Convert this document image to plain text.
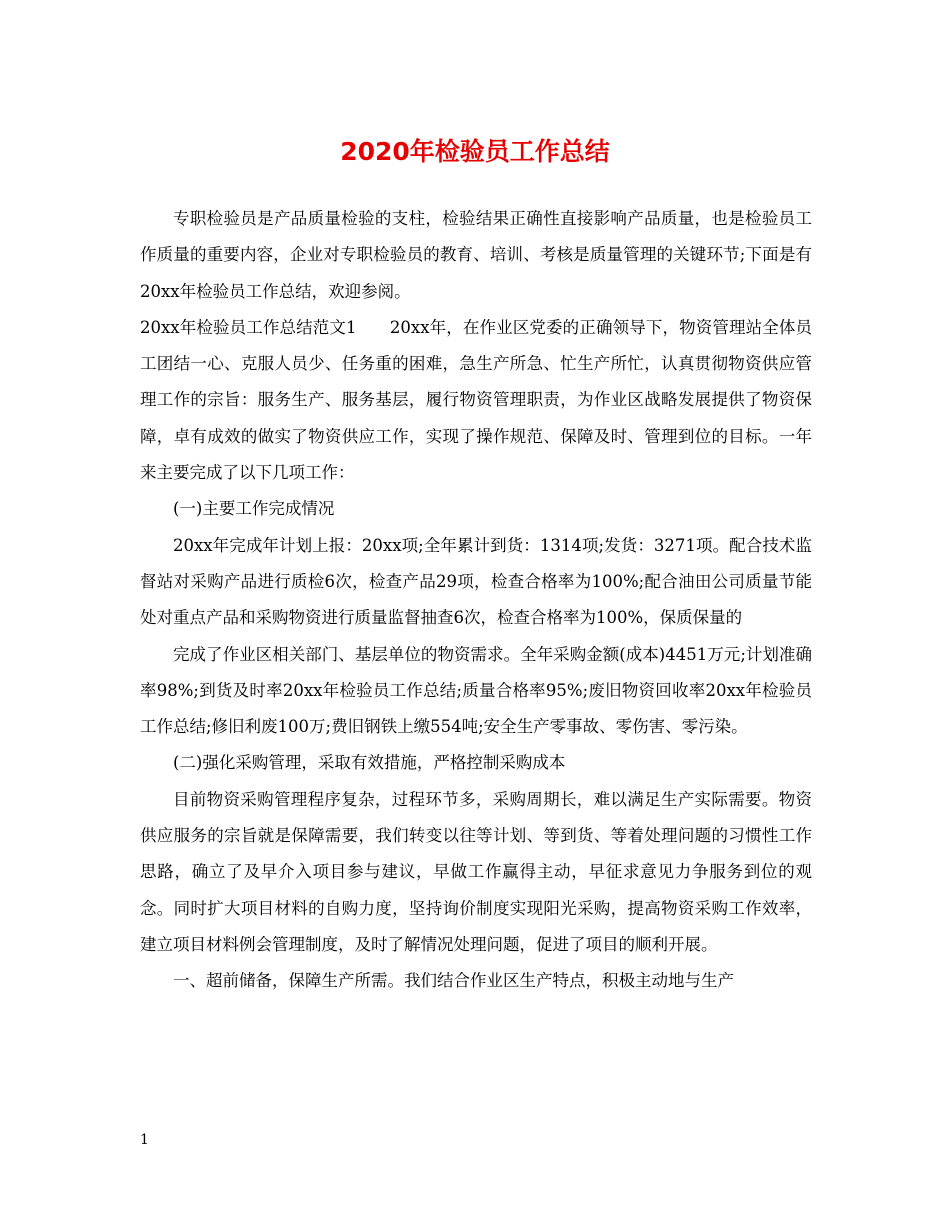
2020年检验员工作总结

专职检验员是产品质量检验的支柱，检验结果正确性直接影响产品质量，也是检验员工作质量的重要内容，企业对专职检验员的教育、培训、考核是质量管理的关键环节;下面是有20xx年检验员工作总结，欢迎参阅。

20xx年检验员工作总结范文1　　20xx年，在作业区党委的正确领导下，物资管理站全体员工团结一心、克服人员少、任务重的困难，急生产所急、忙生产所忙，认真贯彻物资供应管理工作的宗旨：服务生产、服务基层，履行物资管理职责，为作业区战略发展提供了物资保障，卓有成效的做实了物资供应工作，实现了操作规范、保障及时、管理到位的目标。一年来主要完成了以下几项工作：

(一)主要工作完成情况

20xx年完成年计划上报：20xx项;全年累计到货：1314项;发货：3271项。配合技术监督站对采购产品进行质检6次，检查产品29项，检查合格率为100%;配合油田公司质量节能处对重点产品和采购物资进行质量监督抽查6次，检查合格率为100%，保质保量的

完成了作业区相关部门、基层单位的物资需求。全年采购金额(成本)4451万元;计划准确率98%;到货及时率20xx年检验员工作总结;质量合格率95%;废旧物资回收率20xx年检验员工作总结;修旧利废100万;费旧钢铁上缴554吨;安全生产零事故、零伤害、零污染。

(二)强化采购管理，采取有效措施，严格控制采购成本

目前物资采购管理程序复杂，过程环节多，采购周期长，难以满足生产实际需要。物资供应服务的宗旨就是保障需要，我们转变以往等计划、等到货、等着处理问题的习惯性工作思路，确立了及早介入项目参与建议，早做工作赢得主动，早征求意见力争服务到位的观念。同时扩大项目材料的自购力度，坚持询价制度实现阳光采购，提高物资采购工作效率，建立项目材料例会管理制度，及时了解情况处理问题，促进了项目的顺利开展。

一、超前储备，保障生产所需。我们结合作业区生产特点，积极主动地与生产

1
